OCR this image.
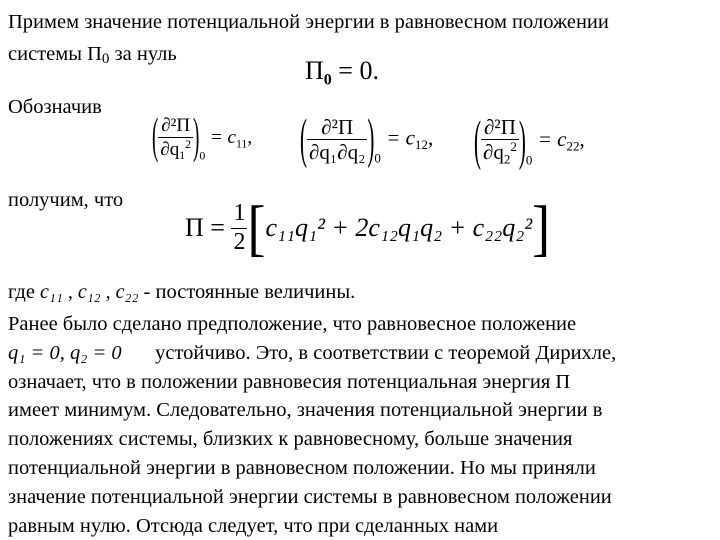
Примем значение потенциальной энергии в равновесном положении
системы Π0 за нуль
$\Pi_0 = 0$.
Обозначив
( $\frac{\text{∂²Π}}{\partial q_1^2} )_0 = c_{11}$, ( $\frac{\text{∂²Π}}{\text{∂q₁∂q₂}} )_0 = c_{12}$, ( $\frac{\text{∂²Π}}{\partial q_2^2} )_0 = c_{22}$,
получим, что
$\Pi = \frac{1}{2} [c_{11}q_1^2 + 2c_{12}q_1q_2 + c_{22}q_2^2]$
где c₁₁ , c₁₂ , c₂₂ - постоянные величины.

Ранее было сделано предположение, что равновесное положение

q₁ = 0, q₂ = 0 устойчиво. Это, в соответствии с теоремой Дирихле,

означает, что в положении равновесия потенциальная энергия Π

имеет минимум. Следовательно, значения потенциальной энергии в

положениях системы, близких к равновесному, больше значения

потенциальной энергии в равновесном положении. Но мы приняли

значение потенциальной энергии системы в равновесном положении

равным нулю. Отсюда следует, что при сделанных нами
